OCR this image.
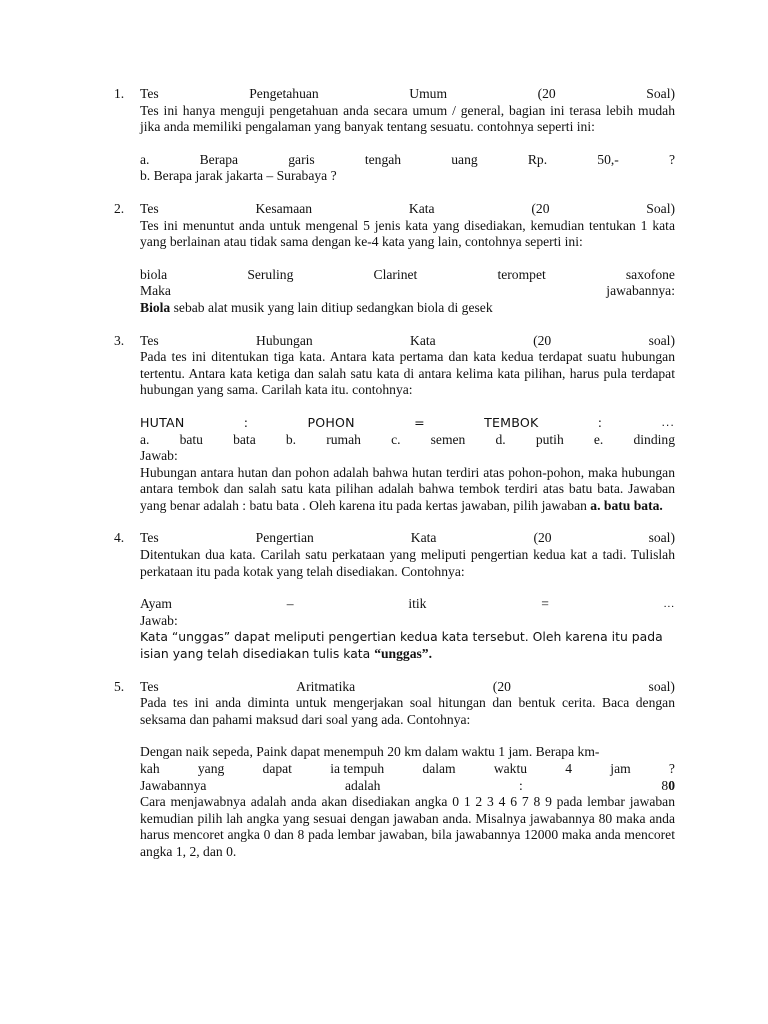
1. Tes	Pengetahuan	Umum	(20	Soal)
Tes ini hanya menguji pengetahuan anda secara umum / general, bagian ini terasa lebih mudah jika anda memiliki pengalaman yang banyak tentang sesuatu. contohnya seperti ini:
a.	Berapa	garis	tengah	uang	Rp.	50,-	?
b. Berapa jarak jakarta – Surabaya ?
2. Tes	Kesamaan	Kata	(20	Soal)
Tes ini menuntut anda untuk mengenal 5 jenis kata yang disediakan, kemudian tentukan 1 kata yang berlainan atau tidak sama dengan ke-4 kata yang lain, contohnya seperti ini:
biola	Seruling	Clarinet	terompet	saxofone
Maka	jawabannya:
Biola sebab alat musik yang lain ditiup sedangkan biola di gesek
3. Tes	Hubungan	Kata	(20	soal)
Pada tes ini ditentukan tiga kata. Antara kata pertama dan kata kedua terdapat suatu hubungan tertentu. Antara kata ketiga dan salah satu kata di antara kelima kata pilihan, harus pula terdapat hubungan yang sama. Carilah kata itu. contohnya:
HUTAN	:	POHON	=	TEMBOK	:	...
a. batu bata b. rumah c. semen d. putih e. dinding
Jawab:
Hubungan antara hutan dan pohon adalah bahwa hutan terdiri atas pohon-pohon, maka hubungan antara tembok dan salah satu kata pilihan adalah bahwa tembok terdiri atas batu bata. Jawaban yang benar adalah : batu bata . Oleh karena itu pada kertas jawaban, pilih jawaban a. batu bata.
4. Tes	Pengertian	Kata	(20	soal)
Ditentukan dua kata. Carilah satu perkataan yang meliputi pengertian kedua kat a tadi. Tulislah perkataan itu pada kotak yang telah disediakan. Contohnya:
Ayam	–	itik	=	...
Jawab:
Kata “unggas” dapat meliputi pengertian kedua kata tersebut. Oleh karena itu pada isian yang telah disediakan tulis kata “unggas”.
5. Tes	Aritmatika	(20	soal)
Pada tes ini anda diminta untuk mengerjakan soal hitungan dan bentuk cerita. Baca dengan seksama dan pahami maksud dari soal yang ada. Contohnya:
Dengan naik sepeda, Paink dapat menempuh 20 km dalam waktu 1 jam. Berapa km-
kah	yang	dapat	ia tempuh	dalam	waktu	4	jam	?
Jawabannya	adalah	:	80
Cara menjawabnya adalah anda akan disediakan angka 0 1 2 3 4 6 7 8 9 pada lembar jawaban kemudian pilih lah angka yang sesuai dengan jawaban anda. Misalnya jawabannya 80 maka anda harus mencoret angka 0 dan 8 pada lembar jawaban, bila jawabannya 12000 maka anda mencoret angka 1, 2, dan 0.
